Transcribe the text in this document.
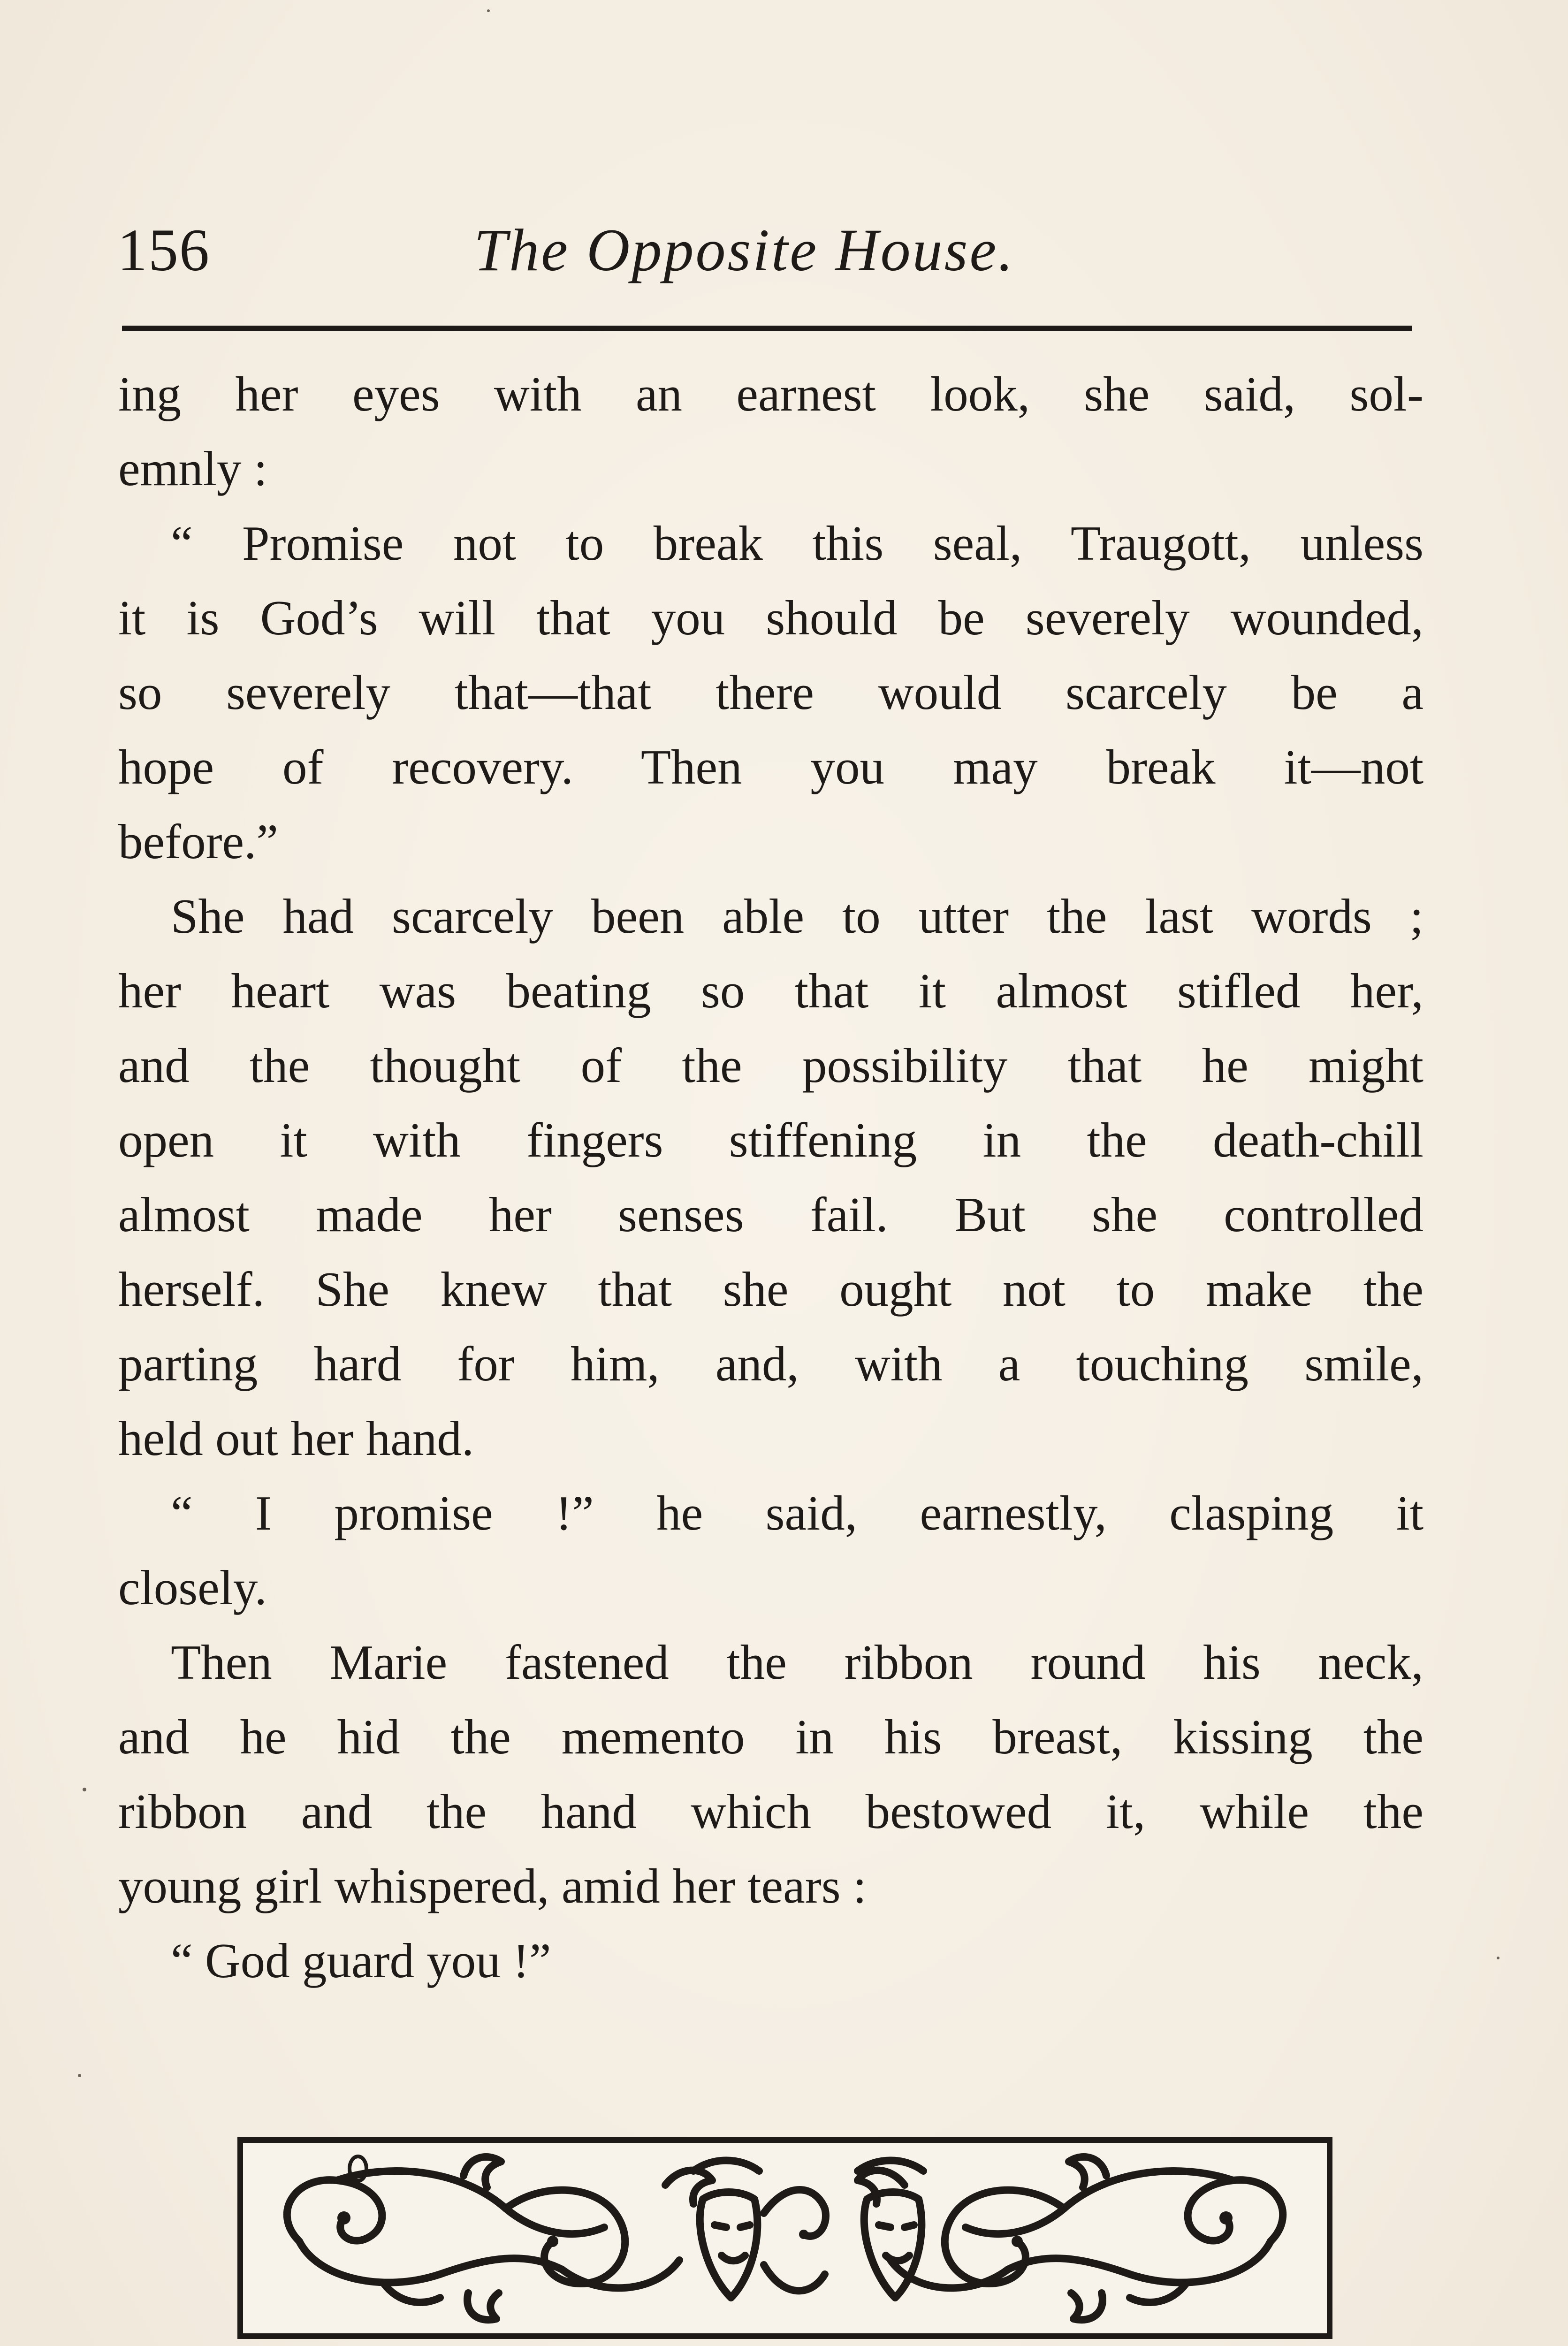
156	The Opposite House.
ing her eyes with an earnest look, she said, sol-
emnly :
“ Promise not to break this seal, Traugott, unless
it is God’s will that you should be severely wounded,
so severely that—that there would scarcely be a
hope of recovery. Then you may break it—not
before.”
She had scarcely been able to utter the last words ;
her heart was beating so that it almost stifled her,
and the thought of the possibility that he might
open it with fingers stiffening in the death-chill
almost made her senses fail. But she controlled
herself. She knew that she ought not to make the
parting hard for him, and, with a touching smile,
held out her hand.
“ I promise !” he said, earnestly, clasping it
closely.
Then Marie fastened the ribbon round his neck,
and he hid the memento in his breast, kissing the
ribbon and the hand which bestowed it, while the
young girl whispered, amid her tears :
“ God guard you !”
